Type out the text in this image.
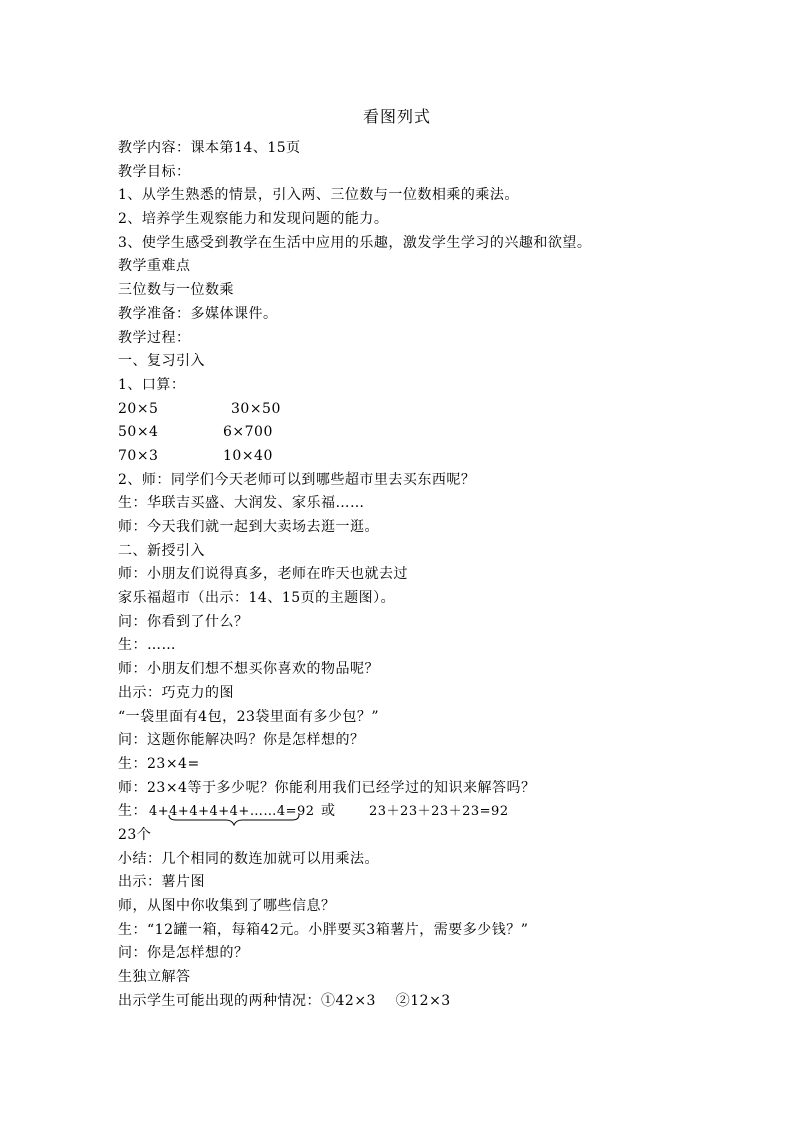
看图列式
教学内容：课本第14、15页
教学目标：
1、从学生熟悉的情景，引入两、三位数与一位数相乘的乘法。
2、培养学生观察能力和发现问题的能力。
3、使学生感受到教学在生活中应用的乐趣，激发学生学习的兴趣和欲望。
教学重难点
三位数与一位数乘
教学准备：多媒体课件。
教学过程：
一、复习引入
1、口算：
20×5	30×50
50×4	6×700
70×3	10×40
2、师：同学们今天老师可以到哪些超市里去买东西呢？
生：华联吉买盛、大润发、家乐福……
师：今天我们就一起到大卖场去逛一逛。
二、新授引入
师：小朋友们说得真多，老师在昨天也就去过
家乐福超市（出示：14、15页的主题图）。
问：你看到了什么？
生：……
师：小朋友们想不想买你喜欢的物品呢？
出示：巧克力的图
“一袋里面有4包，23袋里面有多少包？”
问：这题你能解决吗？你是怎样想的？
生：23×4=
师：23×4等于多少呢？你能利用我们已经学过的知识来解答吗？
生： 4+4+4+4+4+……4=92 或	23＋23＋23＋23=92
23个
小结：几个相同的数连加就可以用乘法。
出示：薯片图
师，从图中你收集到了哪些信息？
生：“12罐一箱，每箱42元。小胖要买3箱薯片，需要多少钱？”
问：你是怎样想的？
生独立解答
出示学生可能出现的两种情况：①42×3    ②12×3
